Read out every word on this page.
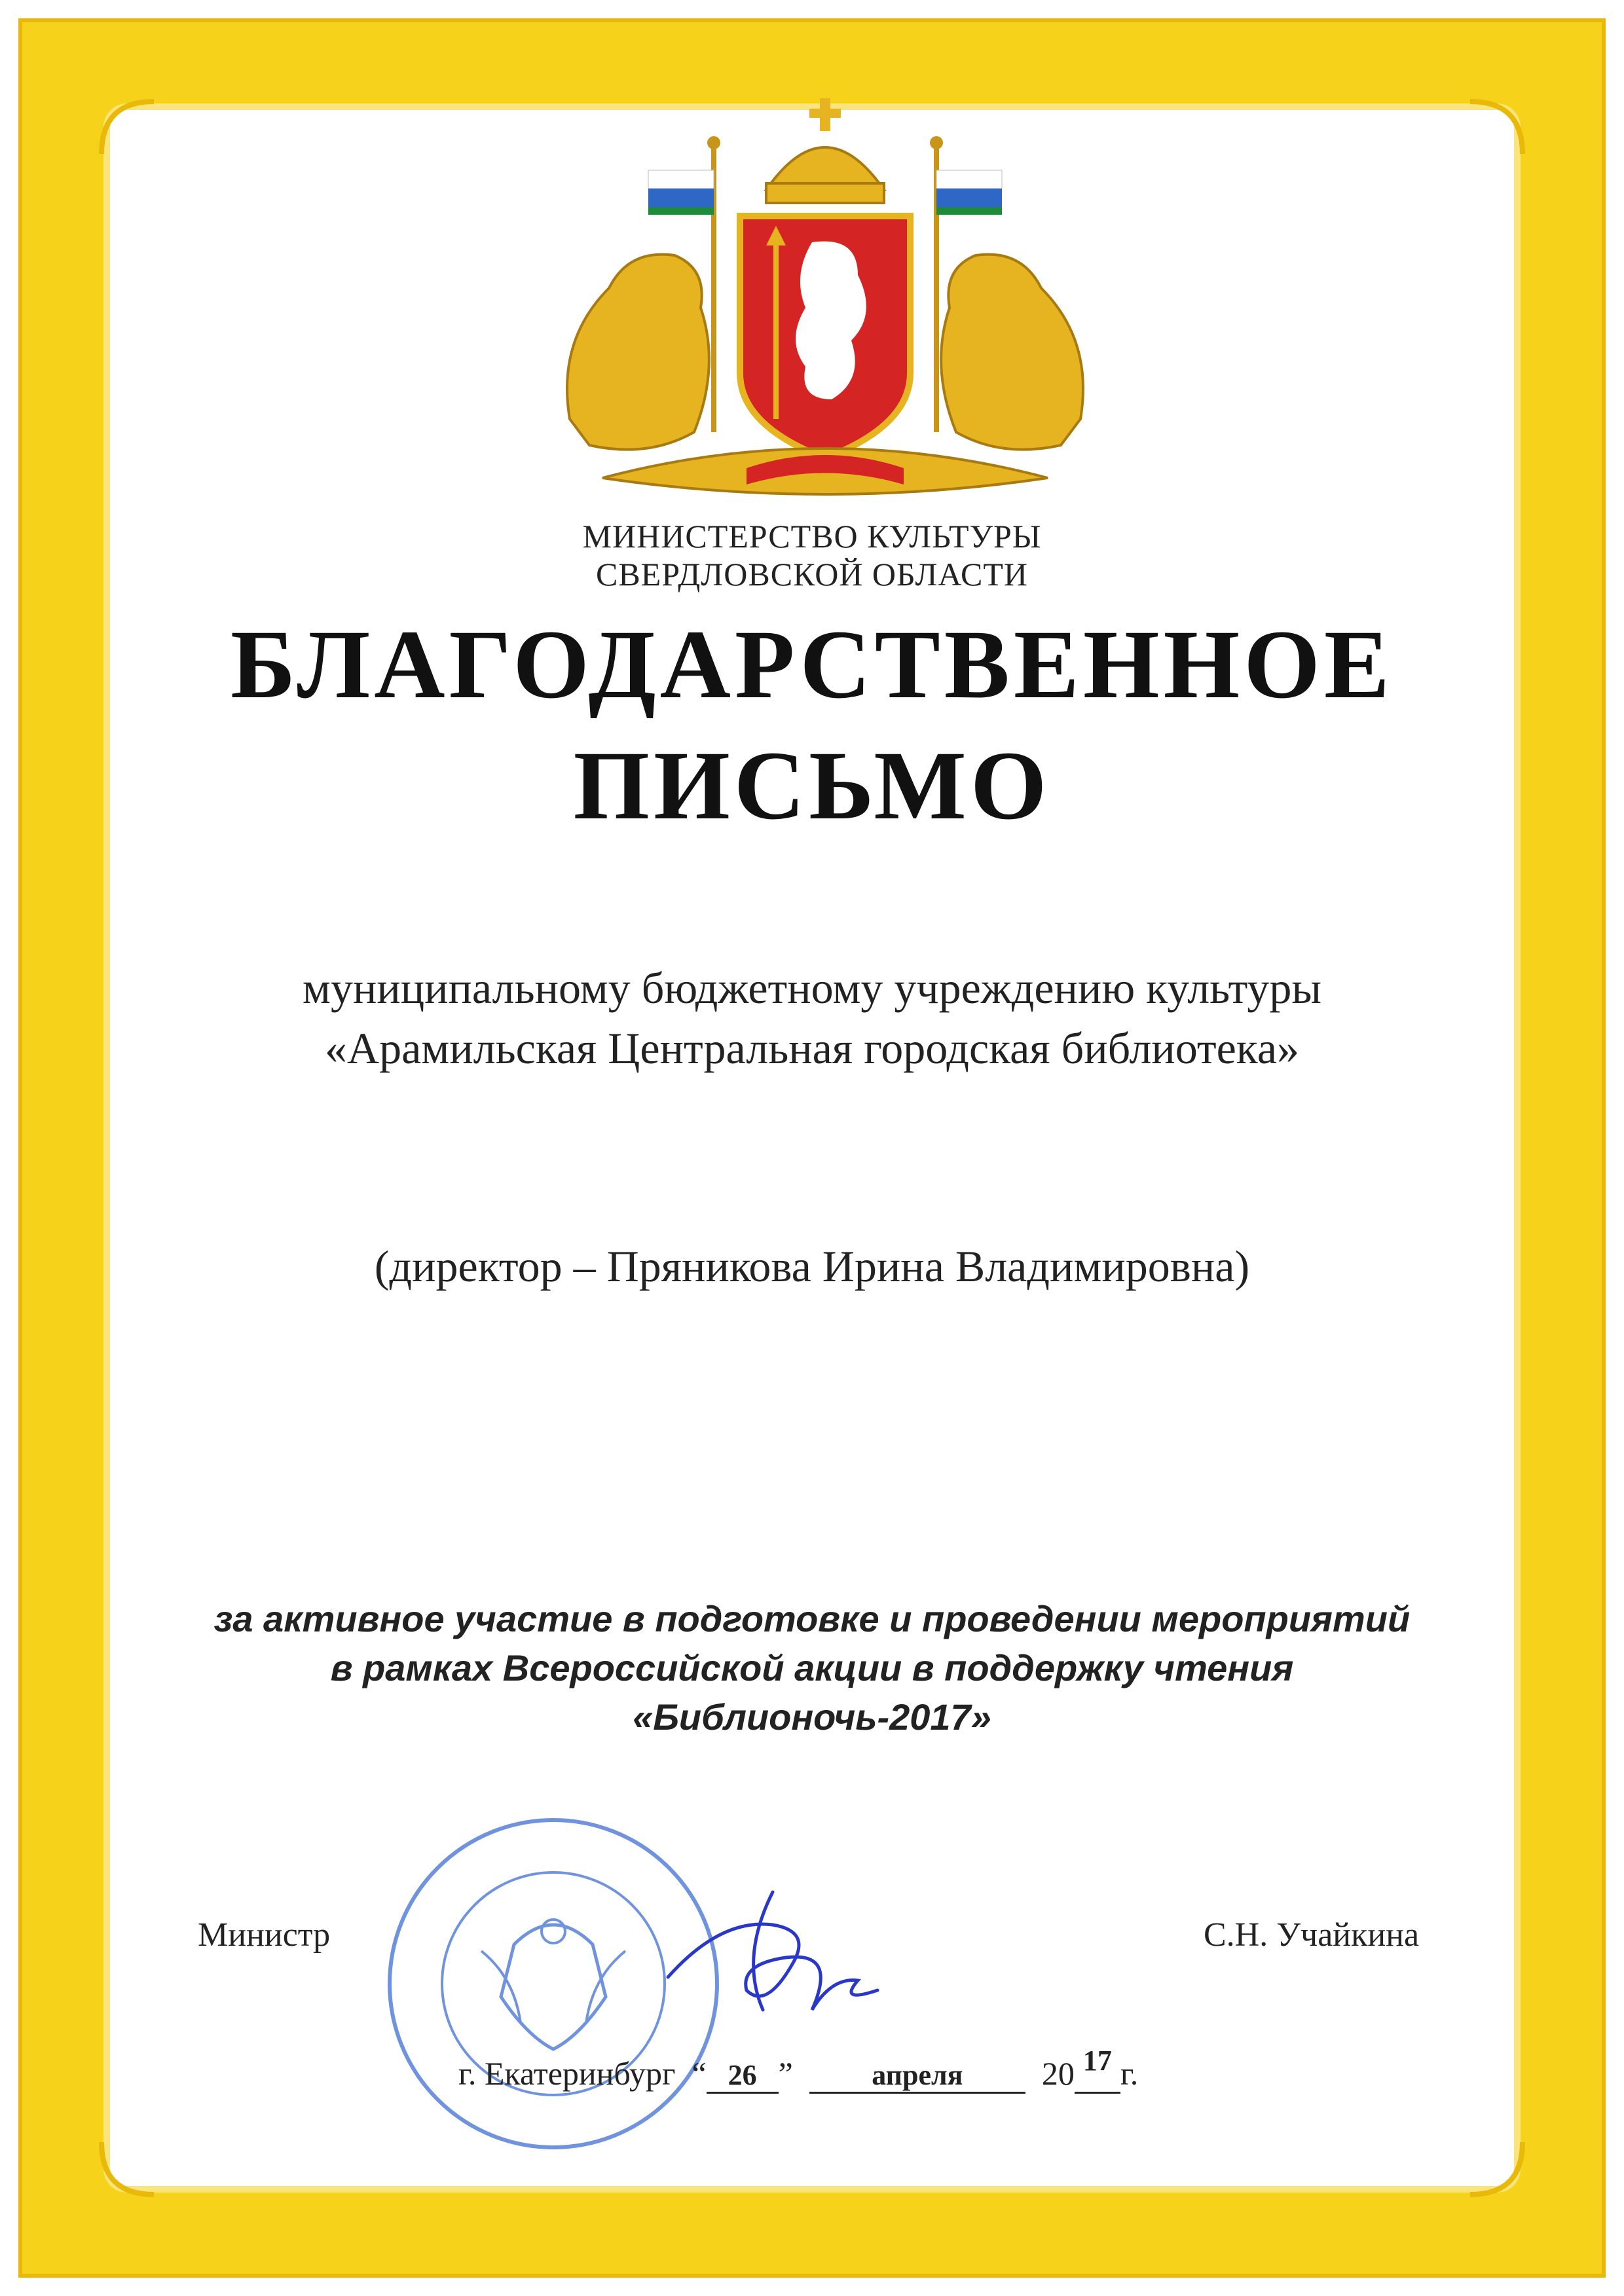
МИНИСТЕРСТВО КУЛЬТУРЫ
СВЕРДЛОВСКОЙ ОБЛАСТИ
БЛАГОДАРСТВЕННОЕ
ПИСЬМО
муниципальному бюджетному учреждению культуры
«Арамильская Центральная городская библиотека»
(директор – Пряникова Ирина Владимировна)
за активное участие в подготовке и проведении мероприятий
в рамках Всероссийской акции в поддержку чтения
«Библионочь-2017»
Министр	С.Н. Учайкина
г. Екатеринбург  “ 26 ”  апреля 20 17 г.
